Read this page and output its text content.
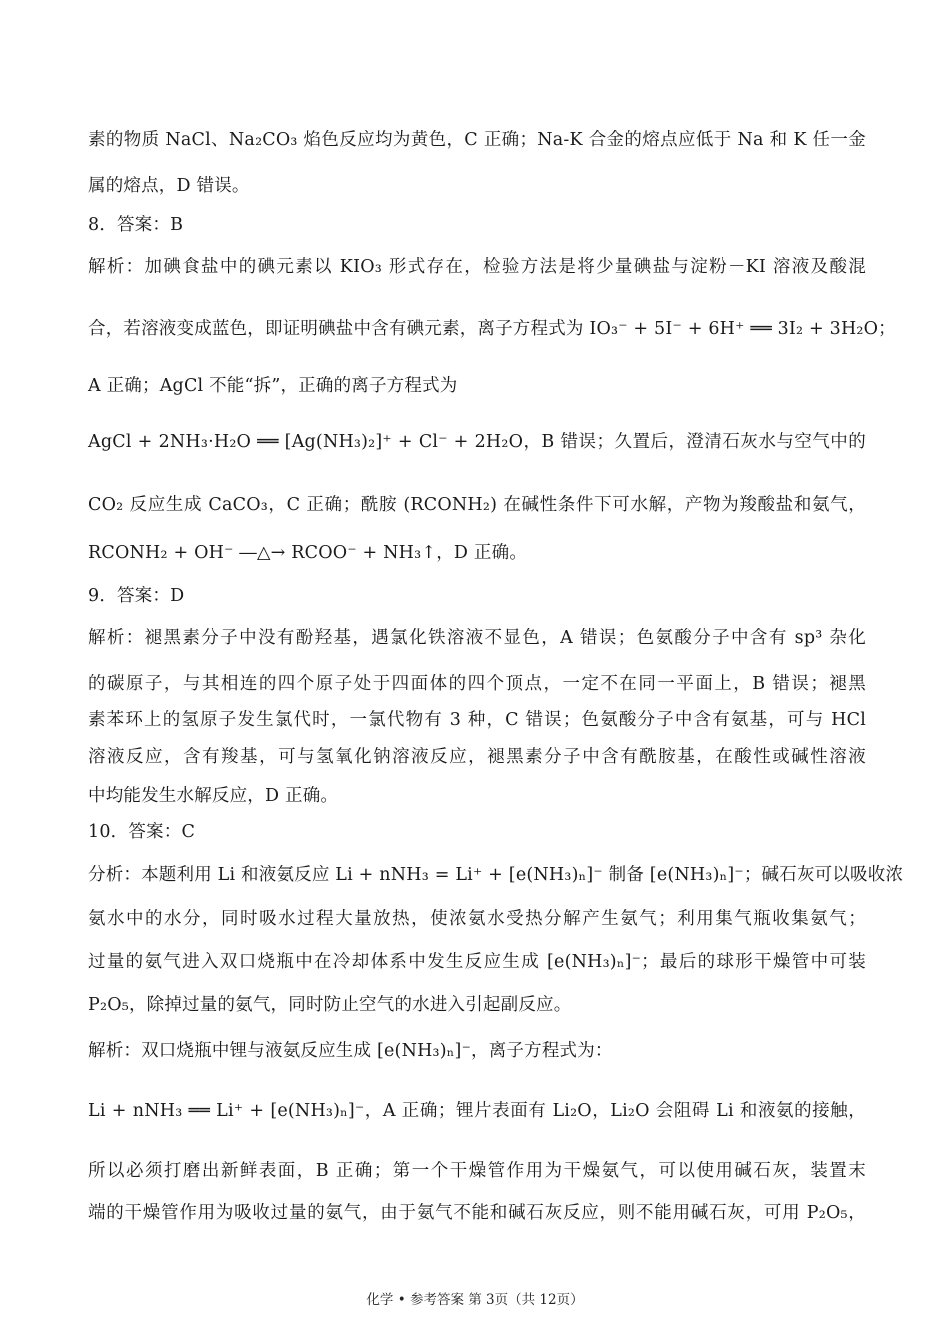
素的物质 NaCl、Na₂CO₃ 焰色反应均为黄色，C 正确；Na-K 合金的熔点应低于 Na 和 K 任一金
属的熔点，D 错误。
8．答案：B
解析：加碘食盐中的碘元素以 KIO₃ 形式存在，检验方法是将少量碘盐与淀粉－KI 溶液及酸混
合，若溶液变成蓝色，即证明碘盐中含有碘元素，离子方程式为 IO₃⁻ + 5I⁻ + 6H⁺ ══ 3I₂ + 3H₂O；
A 正确；AgCl 不能“拆”，正确的离子方程式为
AgCl + 2NH₃·H₂O ══ [Ag(NH₃)₂]⁺ + Cl⁻ + 2H₂O，B 错误；久置后，澄清石灰水与空气中的
CO₂ 反应生成 CaCO₃，C 正确；酰胺 (RCONH₂) 在碱性条件下可水解，产物为羧酸盐和氨气，
RCONH₂ + OH⁻ ―△→ RCOO⁻ + NH₃↑，D 正确。
9．答案：D
解析：褪黑素分子中没有酚羟基，遇氯化铁溶液不显色，A 错误；色氨酸分子中含有 sp³ 杂化
的碳原子，与其相连的四个原子处于四面体的四个顶点，一定不在同一平面上，B 错误；褪黑
素苯环上的氢原子发生氯代时，一氯代物有 3 种，C 错误；色氨酸分子中含有氨基，可与 HCl
溶液反应，含有羧基，可与氢氧化钠溶液反应，褪黑素分子中含有酰胺基，在酸性或碱性溶液
中均能发生水解反应，D 正确。
10．答案：C
分析：本题利用 Li 和液氨反应 Li + nNH₃ = Li⁺ + [e(NH₃)ₙ]⁻ 制备 [e(NH₃)ₙ]⁻；碱石灰可以吸收浓
氨水中的水分，同时吸水过程大量放热，使浓氨水受热分解产生氨气；利用集气瓶收集氨气；
过量的氨气进入双口烧瓶中在冷却体系中发生反应生成 [e(NH₃)ₙ]⁻；最后的球形干燥管中可装
P₂O₅，除掉过量的氨气，同时防止空气的水进入引起副反应。
解析：双口烧瓶中锂与液氨反应生成 [e(NH₃)ₙ]⁻，离子方程式为：
Li + nNH₃ ══ Li⁺ + [e(NH₃)ₙ]⁻，A 正确；锂片表面有 Li₂O，Li₂O 会阻碍 Li 和液氨的接触，
所以必须打磨出新鲜表面，B 正确；第一个干燥管作用为干燥氨气，可以使用碱石灰，装置末
端的干燥管作用为吸收过量的氨气，由于氨气不能和碱石灰反应，则不能用碱石灰，可用 P₂O₅，
化学 • 参考答案 第 3页（共 12页）
